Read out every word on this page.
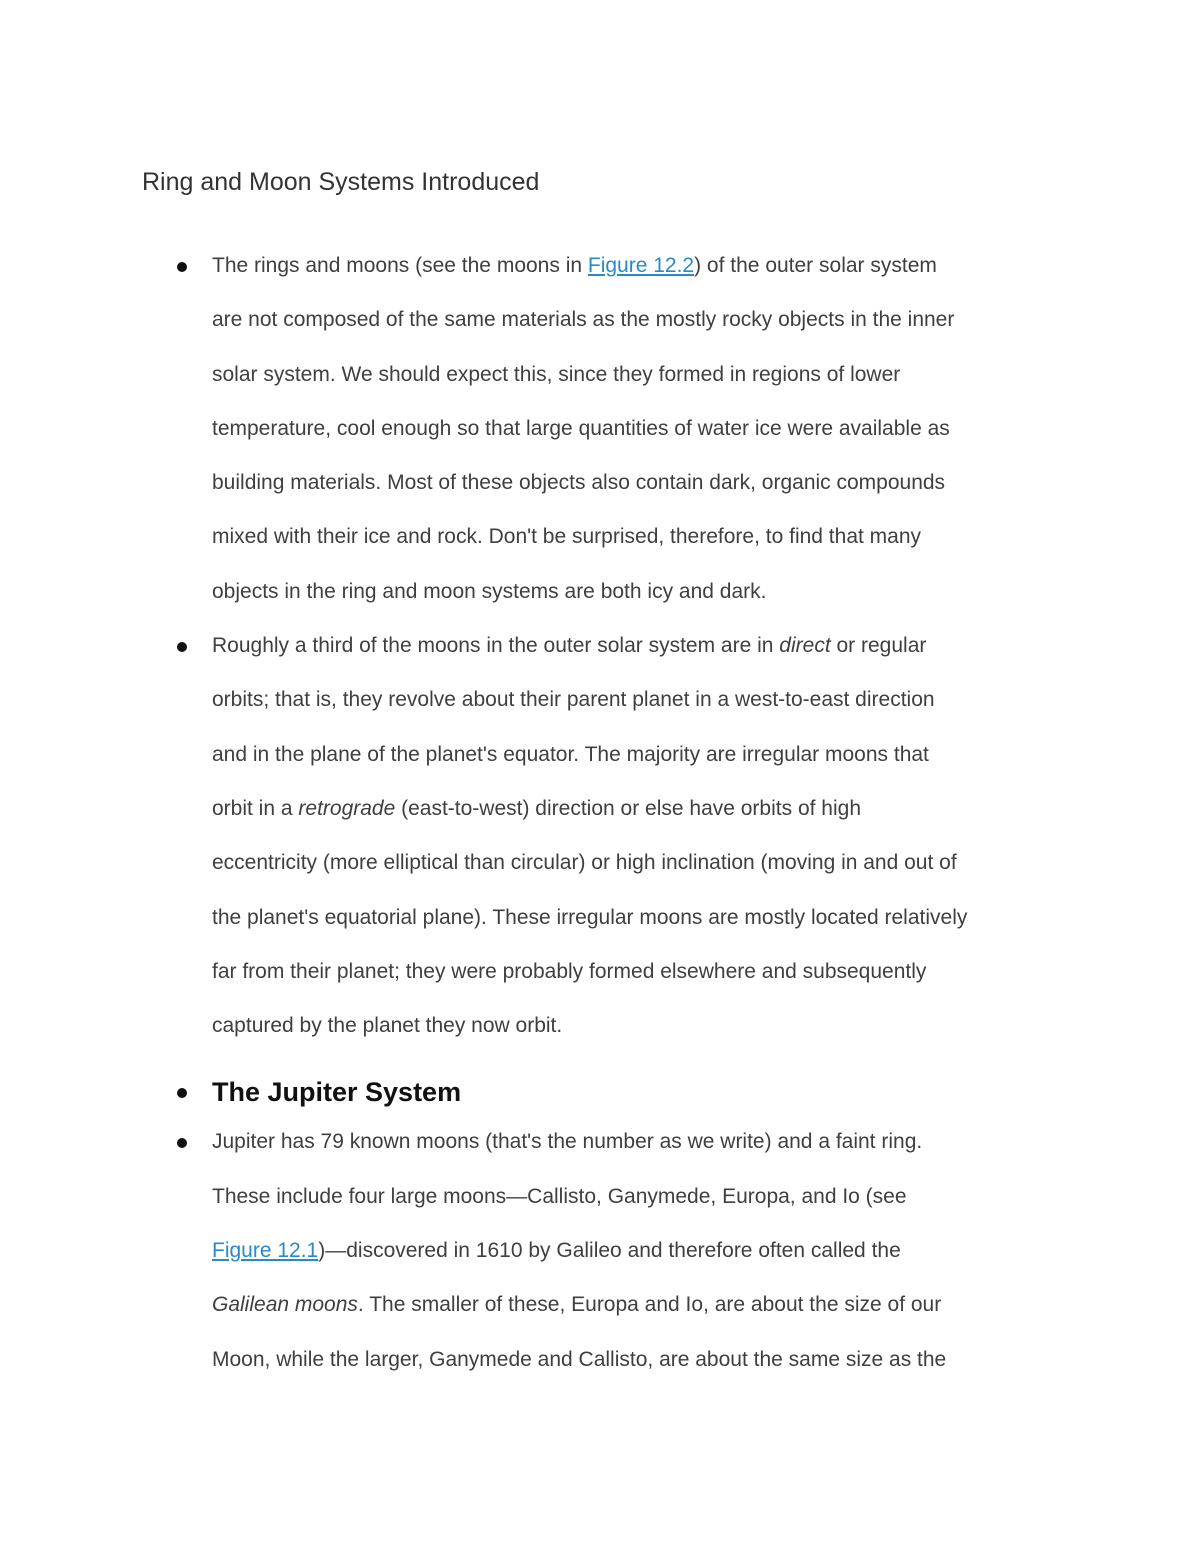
Ring and Moon Systems Introduced

The rings and moons (see the moons in Figure 12.2) of the outer solar system
are not composed of the same materials as the mostly rocky objects in the inner
solar system. We should expect this, since they formed in regions of lower
temperature, cool enough so that large quantities of water ice were available as
building materials. Most of these objects also contain dark, organic compounds
mixed with their ice and rock. Don't be surprised, therefore, to find that many
objects in the ring and moon systems are both icy and dark.

Roughly a third of the moons in the outer solar system are in direct or regular
orbits; that is, they revolve about their parent planet in a west-to-east direction
and in the plane of the planet's equator. The majority are irregular moons that
orbit in a retrograde (east-to-west) direction or else have orbits of high
eccentricity (more elliptical than circular) or high inclination (moving in and out of
the planet's equatorial plane). These irregular moons are mostly located relatively
far from their planet; they were probably formed elsewhere and subsequently
captured by the planet they now orbit.

The Jupiter System

Jupiter has 79 known moons (that's the number as we write) and a faint ring.
These include four large moons—Callisto, Ganymede, Europa, and Io (see
Figure 12.1)—discovered in 1610 by Galileo and therefore often called the
Galilean moons. The smaller of these, Europa and Io, are about the size of our
Moon, while the larger, Ganymede and Callisto, are about the same size as the
